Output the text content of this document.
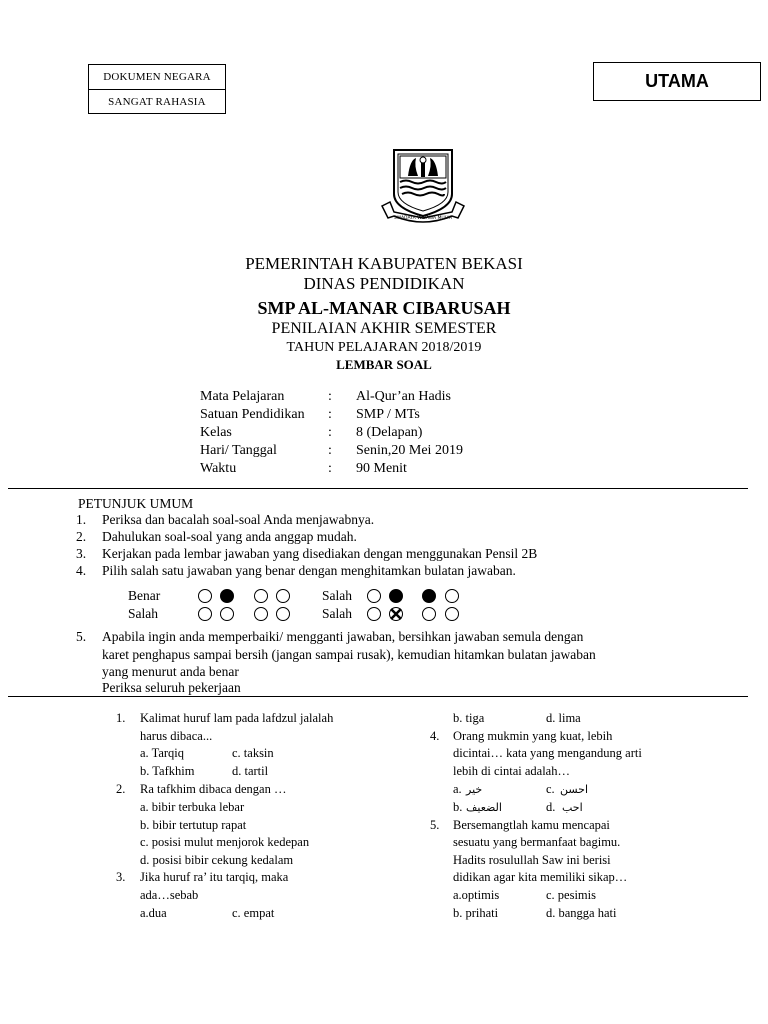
DOKUMEN NEGARA
SANGAT RAHASIA
UTAMA
SWADAYA WIBAWA MULYA
PEMERINTAH KABUPATEN BEKASI
DINAS PENDIDIKAN
SMP AL-MANAR CIBARUSAH
PENILAIAN AKHIR SEMESTER
TAHUN PELAJARAN 2018/2019
LEMBAR SOAL
Mata Pelajaran	: Al-Qur’an Hadis
Satuan Pendidikan : SMP / MTs
Kelas	: 8 (Delapan)
Hari/ Tanggal	: Senin,20 Mei 2019
Waktu	: 90 Menit
PETUNJUK UMUM
1. Periksa dan bacalah soal-soal Anda menjawabnya.
2. Dahulukan soal-soal yang anda anggap mudah.
3. Kerjakan pada lembar jawaban yang disediakan dengan menggunakan Pensil 2B
4. Pilih salah satu jawaban yang benar dengan menghitamkan bulatan jawaban.
Benar
Salah
Salah
Salah
5. Apabila ingin anda memperbaiki/ mengganti jawaban, bersihkan jawaban semula dengan
karet penghapus sampai bersih (jangan sampai rusak), kemudian hitamkan bulatan jawaban
yang menurut anda benar
Periksa seluruh pekerjaan
1. Kalimat huruf lam pada lafdzul jalalah
harus dibaca...
a. Tarqiq	c. taksin
b. Tafkhim	d. tartil
2. Ra tafkhim dibaca dengan …
a. bibir terbuka lebar
b. bibir tertutup rapat
c. posisi mulut menjorok kedepan
d. posisi bibir cekung kedalam
3. Jika huruf ra’ itu tarqiq, maka
ada…sebab
a.dua	c. empat
b. tiga	d. lima
4. Orang mukmin yang kuat, lebih
dicintai… kata yang mengandung arti
lebih di cintai adalah…
a. خير	c. احسن
b. الضعيف	d. احب
5. Bersemangtlah kamu mencapai
sesuatu yang bermanfaat bagimu.
Hadits rosulullah Saw ini berisi
didikan agar kita memiliki sikap…
a.optimis	c. pesimis
b. prihati	d. bangga hati
